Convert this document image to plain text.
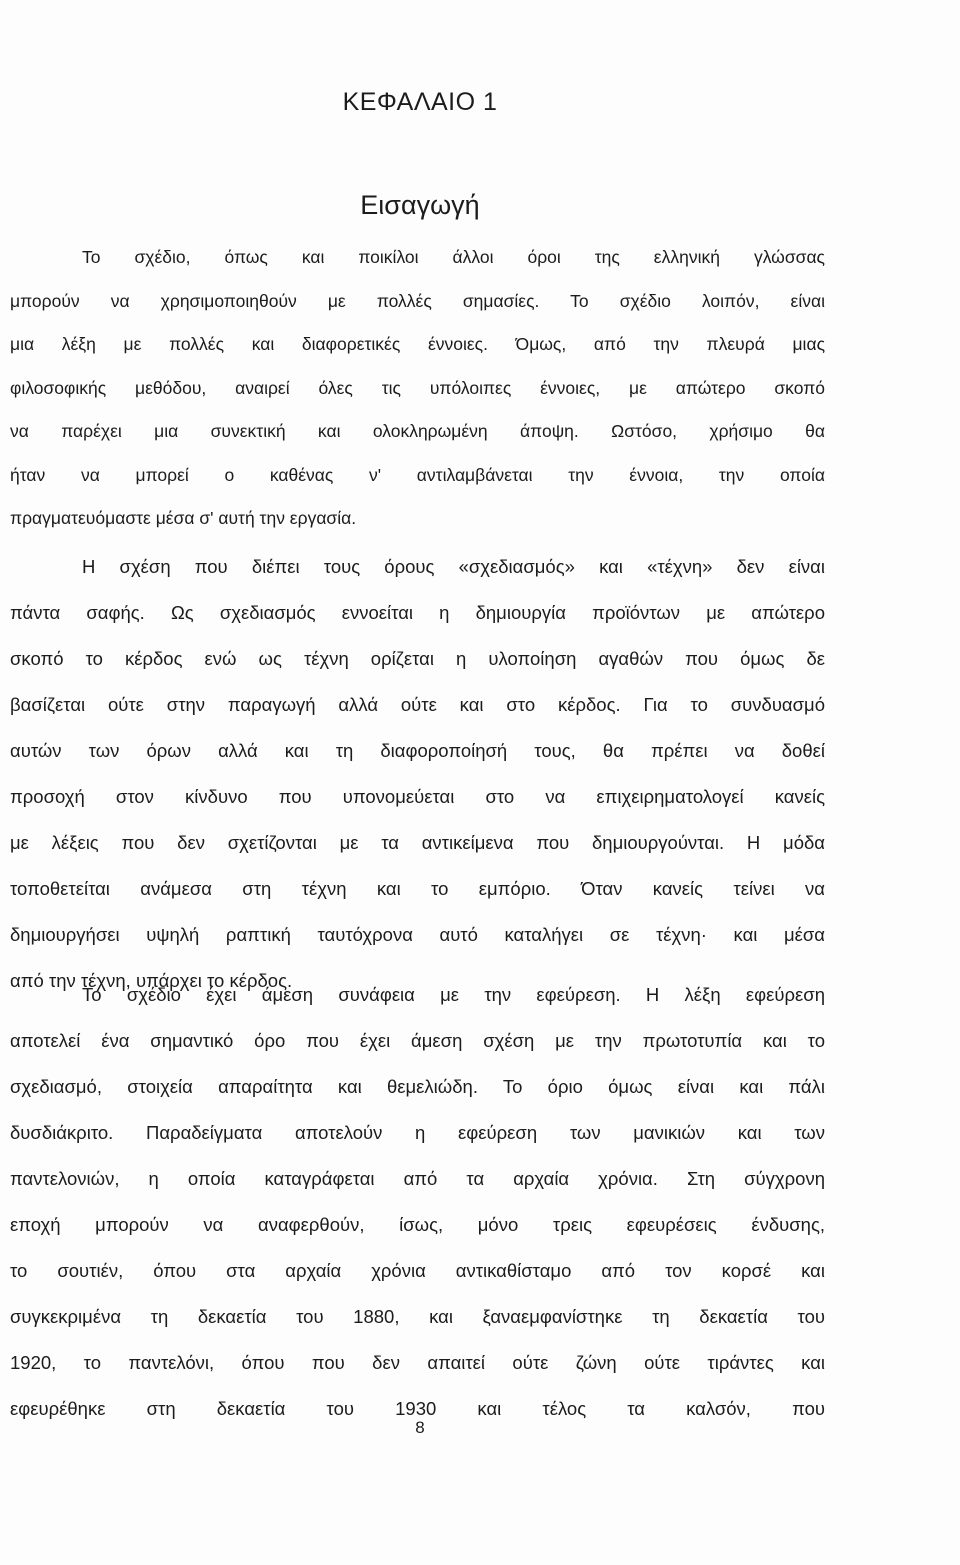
ΚΕΦΑΛΑΙΟ 1
Εισαγωγή

Το σχέδιο, όπως και ποικίλοι άλλοι όροι της ελληνική γλώσσας
μπορούν να χρησιμοποιηθούν με πολλές σημασίες. Το σχέδιο λοιπόν, είναι
μια λέξη με πολλές και διαφορετικές έννοιες. Όμως, από την πλευρά μιας
φιλοσοφικής μεθόδου, αναιρεί όλες τις υπόλοιπες έννοιες, με απώτερο σκοπό
να παρέχει μια συνεκτική και ολοκληρωμένη άποψη. Ωστόσο, χρήσιμο θα
ήταν να μπορεί ο καθένας ν' αντιλαμβάνεται την έννοια, την οποία
πραγματευόμαστε μέσα σ' αυτή την εργασία.

Η σχέση που διέπει τους όρους «σχεδιασμός» και «τέχνη» δεν είναι
πάντα σαφής. Ως σχεδιασμός εννοείται η δημιουργία προϊόντων με απώτερο
σκοπό το κέρδος ενώ ως τέχνη ορίζεται η υλοποίηση αγαθών που όμως δε
βασίζεται ούτε στην παραγωγή αλλά ούτε και στο κέρδος. Για το συνδυασμό
αυτών των όρων αλλά και τη διαφοροποίησή τους, θα πρέπει να δοθεί
προσοχή στον κίνδυνο που υπονομεύεται στο να επιχειρηματολογεί κανείς
με λέξεις που δεν σχετίζονται με τα αντικείμενα που δημιουργούνται. Η μόδα
τοποθετείται ανάμεσα στη τέχνη και το εμπόριο. Όταν κανείς τείνει να
δημιουργήσει υψηλή ραπτική ταυτόχρονα αυτό καταλήγει σε τέχνη· και μέσα
από την τέχνη, υπάρχει το κέρδος.

Το σχέδιο έχει άμεση συνάφεια με την εφεύρεση. Η λέξη εφεύρεση
αποτελεί ένα σημαντικό όρο που έχει άμεση σχέση με την πρωτοτυπία και το
σχεδιασμό, στοιχεία απαραίτητα και θεμελιώδη. Το όριο όμως είναι και πάλι
δυσδιάκριτο. Παραδείγματα αποτελούν η εφεύρεση των μανικιών και των
παντελονιών, η οποία καταγράφεται από τα αρχαία χρόνια. Στη σύγχρονη
εποχή μπορούν να αναφερθούν, ίσως, μόνο τρεις εφευρέσεις ένδυσης,
το σουτιέν, όπου στα αρχαία χρόνια αντικαθίσταμο από τον κορσέ και
συγκεκριμένα τη δεκαετία του 1880, και ξαναεμφανίστηκε τη δεκαετία του
1920, το παντελόνι, όπου που δεν απαιτεί ούτε ζώνη ούτε τιράντες και
εφευρέθηκε στη δεκαετία του 1930 και τέλος τα καλσόν, που

8
